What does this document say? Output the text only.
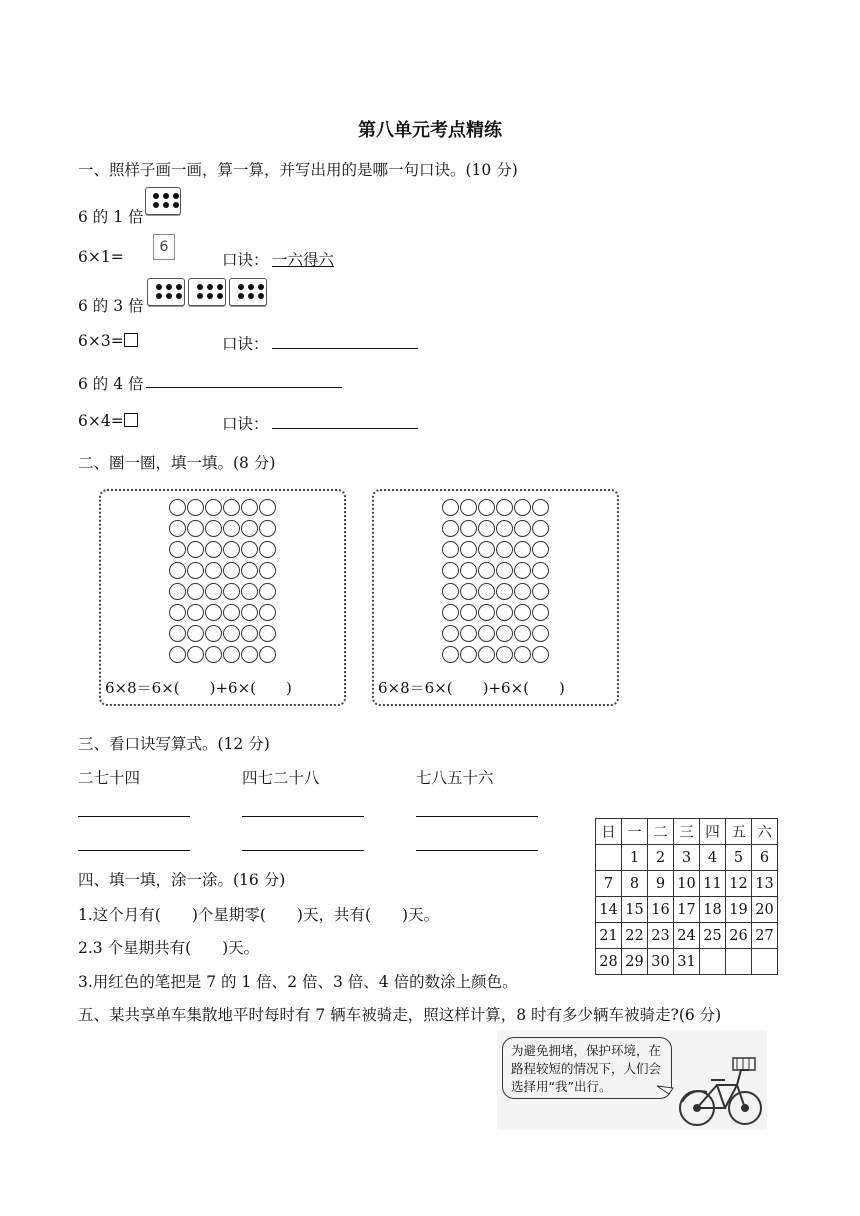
第八单元考点精练
一、照样子画一画，算一算，并写出用的是哪一句口诀。(10 分)
6 的 1 倍
6×1=
6
口诀： 一六得六
6 的 3 倍
6×3=	口诀：
6 的 4 倍
6×4=	口诀：
二、圈一圈，填一填。(8 分)
6×8＝6×(　　)+6×(　　)	6×8＝6×(　　)+6×(　　)
三、看口诀写算式。(12 分)
二七十四	四七二十八	七八五十六
四、填一填，涂一涂。(16 分)
1.这个月有(　　)个星期零(　　)天，共有(　　)天。
2.3 个星期共有(　　)天。
3.用红色的笔把是 7 的 1 倍、2 倍、3 倍、4 倍的数涂上颜色。
日	一	二	三	四	五	六
	1	2	3	4	5	6
7	8	9	10	11	12	13
14	15	16	17	18	19	20
21	22	23	24	25	26	27
28	29	30	31			
五、某共享单车集散地平时每时有 7 辆车被骑走，照这样计算，8 时有多少辆车被骑走?(6 分)
为避免拥堵，保护环境，在路程较短的情况下，人们会选择用“我”出行。
